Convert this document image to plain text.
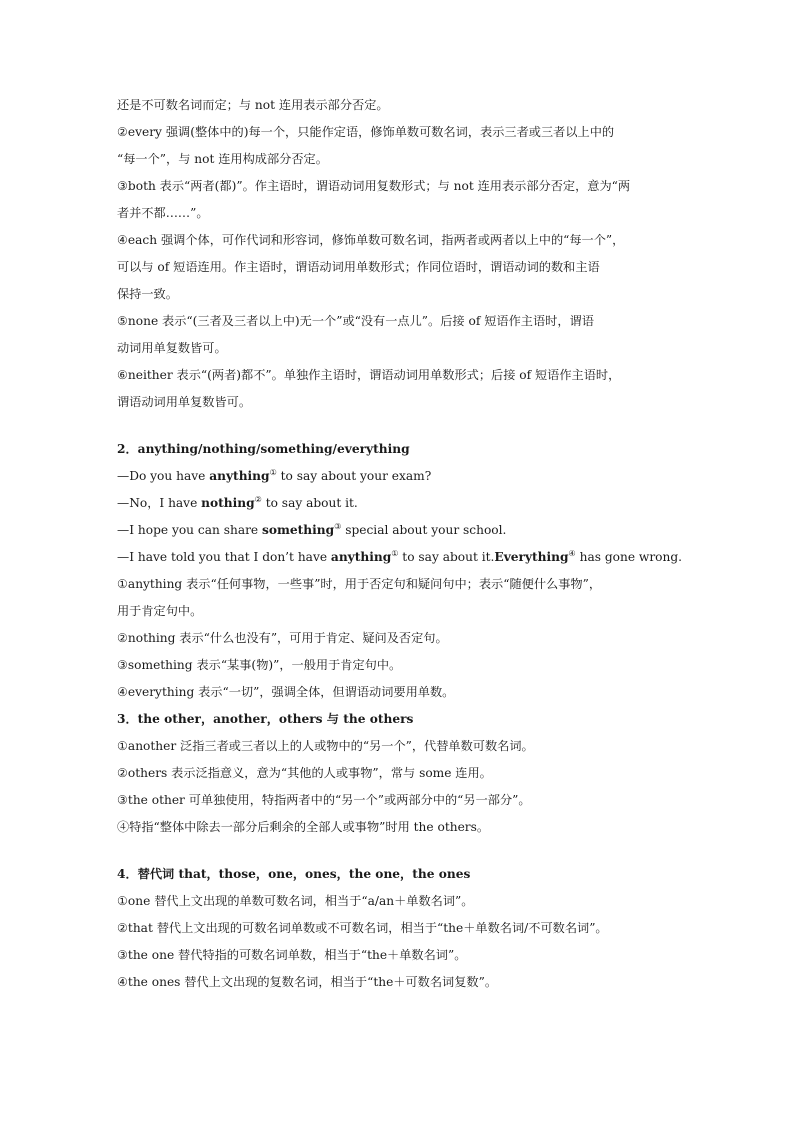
还是不可数名词而定；与 not 连用表示部分否定。
②every 强调(整体中的)每一个，只能作定语，修饰单数可数名词，表示三者或三者以上中的
“每一个”，与 not 连用构成部分否定。
③both 表示“两者(都)”。作主语时，谓语动词用复数形式；与 not 连用表示部分否定，意为“两
者并不都……”。
④each 强调个体，可作代词和形容词，修饰单数可数名词，指两者或两者以上中的“每一个”，
可以与 of 短语连用。作主语时，谓语动词用单数形式；作同位语时，谓语动词的数和主语
保持一致。
⑤none 表示“(三者及三者以上中)无一个”或“没有一点儿”。后接 of 短语作主语时，谓语
动词用单复数皆可。
⑥neither 表示“(两者)都不”。单独作主语时，谓语动词用单数形式；后接 of 短语作主语时，
谓语动词用单复数皆可。
2．anything/nothing/something/everything
—Do you have anything① to say about your exam?
—No，I have nothing② to say about it.
—I hope you can share something③ special about your school.
—I have told you that I don’t have anything① to say about it.Everything④ has gone wrong.
①anything 表示“任何事物，一些事”时，用于否定句和疑问句中；表示“随便什么事物”，
用于肯定句中。
②nothing 表示“什么也没有”，可用于肯定、疑问及否定句。
③something 表示“某事(物)”，一般用于肯定句中。
④everything 表示“一切”，强调全体，但谓语动词要用单数。
3．the other，another，others 与 the others
①another 泛指三者或三者以上的人或物中的“另一个”，代替单数可数名词。
②others 表示泛指意义，意为“其他的人或事物”，常与 some 连用。
③the other 可单独使用，特指两者中的“另一个”或两部分中的“另一部分”。
④特指“整体中除去一部分后剩余的全部人或事物”时用 the others。
4．替代词 that，those，one，ones，the one，the ones
①one 替代上文出现的单数可数名词，相当于“a/an＋单数名词”。
②that 替代上文出现的可数名词单数或不可数名词，相当于“the＋单数名词/不可数名词”。
③the one 替代特指的可数名词单数，相当于“the＋单数名词”。
④the ones 替代上文出现的复数名词，相当于“the＋可数名词复数”。
